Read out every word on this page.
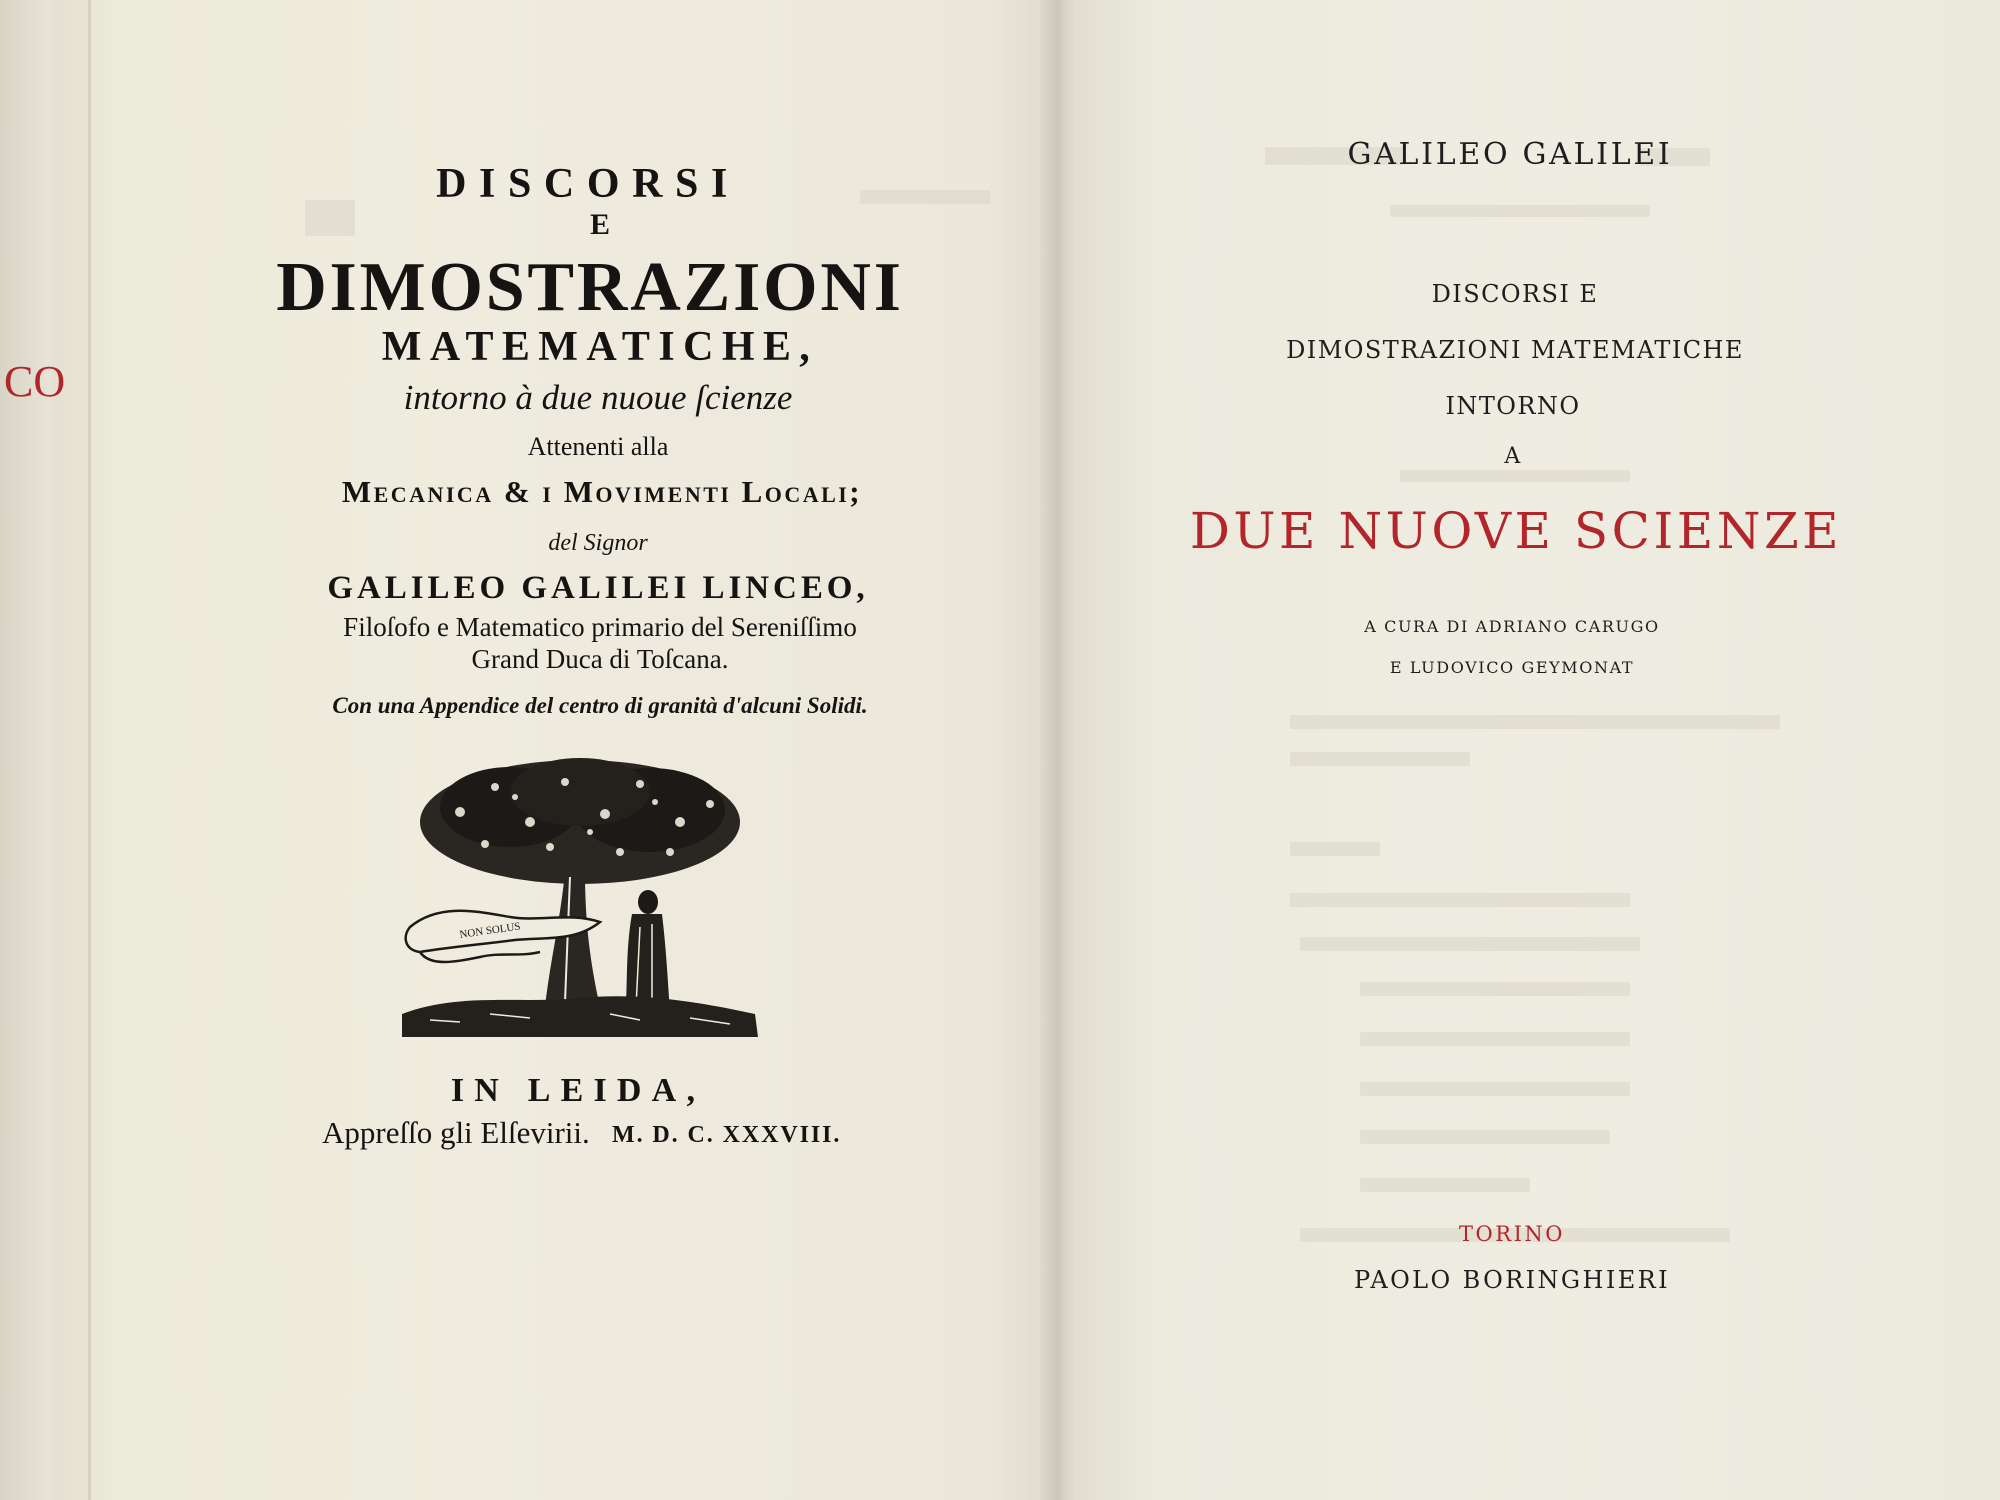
CO
DISCORSI
E
DIMOSTRAZIONI
MATEMATICHE,
intorno à due nuoue ſcienze
Attenenti alla
Mecanica & i Movimenti Locali;
del Signor
GALILEO GALILEI LINCEO,
Filoſofo e Matematico primario del Sereniſſimo
Grand Duca di Toſcana.
Con una Appendice del centro di granità d'alcuni Solidi.
NON SOLUS
IN LEIDA,
Appreſſo gli Elſevirii. M. D. C. XXXVIII.
GALILEO GALILEI
DISCORSI E
DIMOSTRAZIONI MATEMATICHE
INTORNO
A
DUE NUOVE SCIENZE
A CURA DI ADRIANO CARUGO
E LUDOVICO GEYMONAT
TORINO
PAOLO BORINGHIERI
